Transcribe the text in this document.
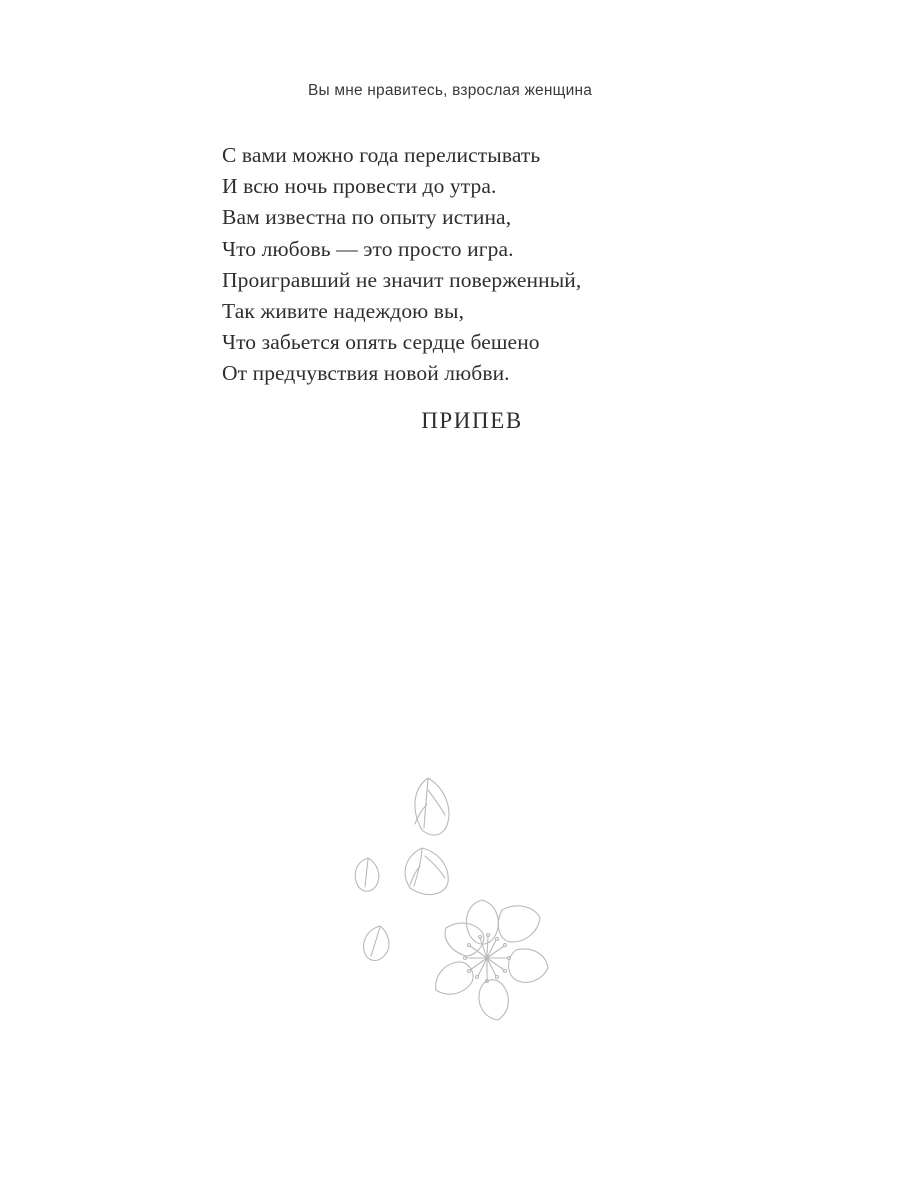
Вы мне нравитесь, взрослая женщина
С вами можно года перелистывать
И всю ночь провести до утра.
Вам известна по опыту истина,
Что любовь — это просто игра.
Проигравший не значит поверженный,
Так живите надеждою вы,
Что забьется опять сердце бешено
От предчувствия новой любви.
ПРИПЕВ
